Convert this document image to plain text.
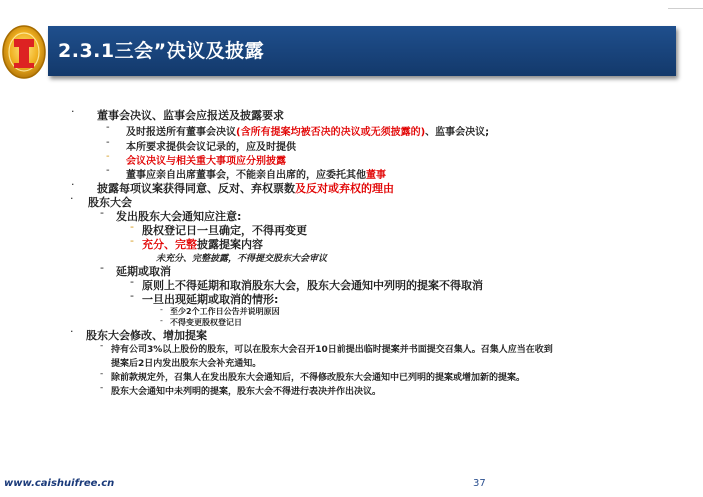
2.3.1三会”决议及披露
· 董事会决议、监事会应报送及披露要求
- 及时报送所有董事会决议(含所有提案均被否决的决议或无须披露的)、监事会决议;
- 本所要求提供会议记录的，应及时提供
- 会议决议与相关重大事项应分别披露
- 董事应亲自出席董事会，不能亲自出席的，应委托其他董事
· 披露每项议案获得同意、反对、弃权票数及反对或弃权的理由
· 股东大会
- 发出股东大会通知应注意:
- 股权登记日一旦确定，不得再变更
- 充分、完整披露提案内容
未充分、完整披露，不得提交股东大会审议
- 延期或取消
- 原则上不得延期和取消股东大会，股东大会通知中列明的提案不得取消
- 一旦出现延期或取消的情形:
- 至少2个工作日公告并说明原因
- 不得变更股权登记日
· 股东大会修改、增加提案
- 持有公司3%以上股份的股东，可以在股东大会召开10日前提出临时提案并书面提交召集人。召集人应当在收到
提案后2日内发出股东大会补充通知。
- 除前款规定外，召集人在发出股东大会通知后，不得修改股东大会通知中已列明的提案或增加新的提案。
- 股东大会通知中未列明的提案，股东大会不得进行表决并作出决议。
www.caishuifree.cn	37
